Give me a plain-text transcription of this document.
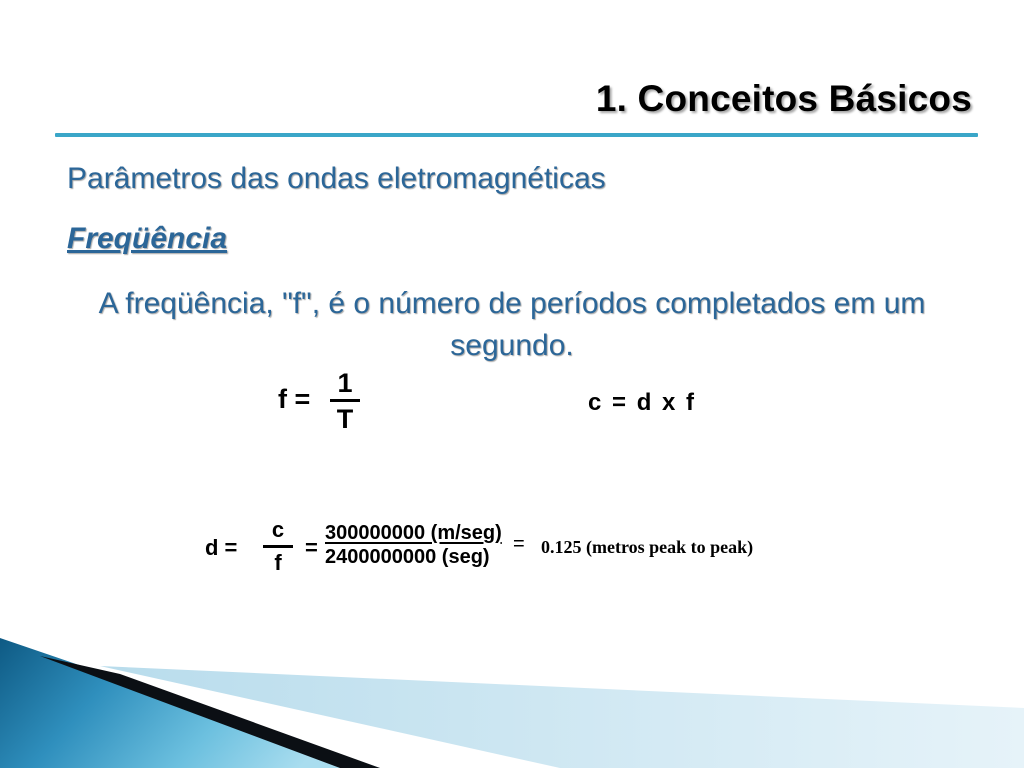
1. Conceitos Básicos
Parâmetros das ondas eletromagnéticas
Freqüência
A freqüência, "f", é o número de períodos completados em um segundo.
f =
1
T
c = d x f
d =
c
f
=
300000000 (m/seg)
2400000000 (seg)
= 0.125 (metros peak to peak)
